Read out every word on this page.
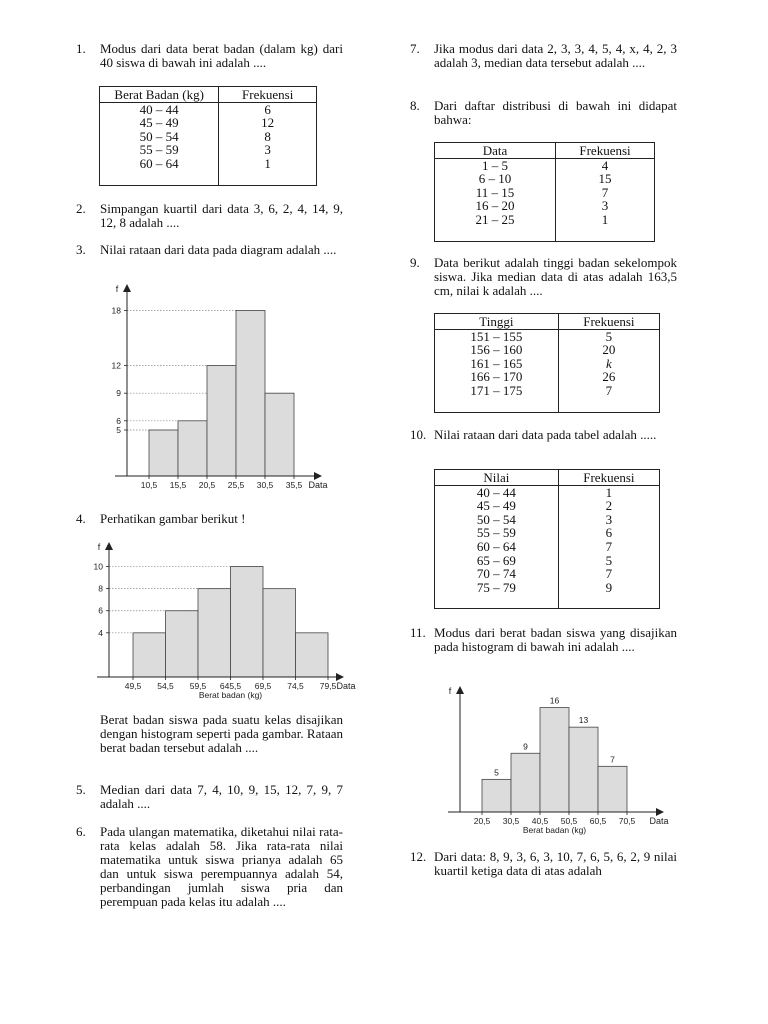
1. Modus dari data berat badan (dalam kg) dari 40 siswa di bawah ini adalah ....
Berat Badan (kg)	Frekuensi
40 – 44	6
45 – 49	12
50 – 54	8
55 – 59	3
60 – 64	1

2. Simpangan kuartil dari data 3, 6, 2, 4, 14, 9, 12, 8 adalah ....
3. Nilai rataan dari data pada diagram adalah ....
5
6
9
12
18
10,5 15,5 20,5 25,5 30,5 35,5
f
Data
4. Perhatikan gambar berikut !
4
6
8
10
49,5 54,5 59,5 645,5 69,5 74,5 79,5
f
Data
Berat badan (kg)
Berat badan siswa pada suatu kelas disajikan dengan histogram seperti pada gambar. Rataan berat badan tersebut adalah ....
5. Median dari data 7, 4, 10, 9, 15, 12, 7, 9, 7 adalah ....
6. Pada ulangan matematika, diketahui nilai rata-rata kelas adalah 58. Jika rata-rata nilai matematika untuk siswa prianya adalah 65 dan untuk siswa perempuannya adalah 54, perbandingan jumlah siswa pria dan perempuan pada kelas itu adalah ....
7. Jika modus dari data 2, 3, 3, 4, 5, 4, x, 4, 2, 3 adalah 3, median data tersebut adalah ....
8. Dari daftar distribusi di bawah ini didapat bahwa:
Data	Frekuensi
1 – 5	4
6 – 10	15
11 – 15	7
16 – 20	3
21 – 25	1

9. Data berikut adalah tinggi badan sekelompok siswa. Jika median data di atas adalah 163,5 cm, nilai k adalah ....
Tinggi	Frekuensi
151 – 155	5
156 – 160	20
161 – 165	k
166 – 170	26
171 – 175	7

10. Nilai rataan dari data pada tabel adalah .....
Nilai	Frekuensi
40 – 44	1
45 – 49	2
50 – 54	3
55 – 59	6
60 – 64	7
65 – 69	5
70 – 74	7
75 – 79	9

11. Modus dari berat badan siswa yang disajikan pada histogram di bawah ini adalah ....
5
9
16
13
7
20,5 30,5 40,5 50,5 60,5 70,5
f
Data
Berat badan (kg)
12. Dari data: 8, 9, 3, 6, 3, 10, 7, 6, 5, 6, 2, 9 nilai kuartil ketiga data di atas adalah
